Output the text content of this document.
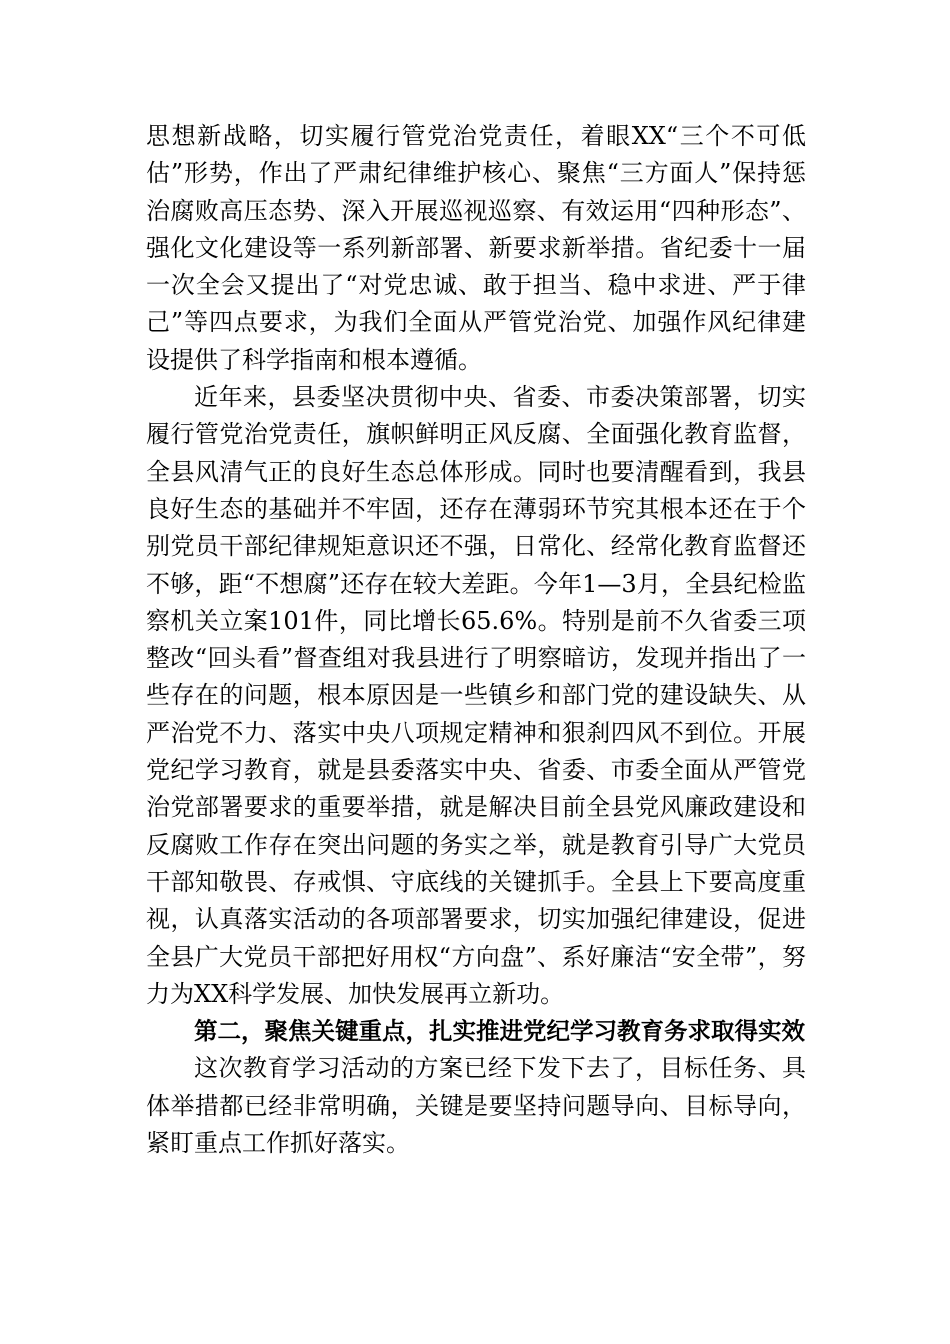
思想新战略，切实履行管党治党责任，着眼XX“三个不可低估”形势，作出了严肃纪律维护核心、聚焦“三方面人”保持惩治腐败高压态势、深入开展巡视巡察、有效运用“四种形态”、强化文化建设等一系列新部署、新要求新举措。省纪委十一届一次全会又提出了“对党忠诚、敢于担当、稳中求进、严于律己”等四点要求，为我们全面从严管党治党、加强作风纪律建设提供了科学指南和根本遵循。

近年来，县委坚决贯彻中央、省委、市委决策部署，切实履行管党治党责任，旗帜鲜明正风反腐、全面强化教育监督，全县风清气正的良好生态总体形成。同时也要清醒看到，我县良好生态的基础并不牢固，还存在薄弱环节究其根本还在于个别党员干部纪律规矩意识还不强，日常化、经常化教育监督还不够，距“不想腐”还存在较大差距。今年1—3月，全县纪检监察机关立案101件，同比增长65.6%。特别是前不久省委三项整改“回头看”督查组对我县进行了明察暗访，发现并指出了一些存在的问题，根本原因是一些镇乡和部门党的建设缺失、从严治党不力、落实中央八项规定精神和狠刹四风不到位。开展党纪学习教育，就是县委落实中央、省委、市委全面从严管党治党部署要求的重要举措，就是解决目前全县党风廉政建设和反腐败工作存在突出问题的务实之举，就是教育引导广大党员干部知敬畏、存戒惧、守底线的关键抓手。全县上下要高度重视，认真落实活动的各项部署要求，切实加强纪律建设，促进全县广大党员干部把好用权“方向盘”、系好廉洁“安全带”，努力为XX科学发展、加快发展再立新功。

第二，聚焦关键重点，扎实推进党纪学习教育务求取得实效

这次教育学习活动的方案已经下发下去了，目标任务、具体举措都已经非常明确，关键是要坚持问题导向、目标导向，紧盯重点工作抓好落实。
